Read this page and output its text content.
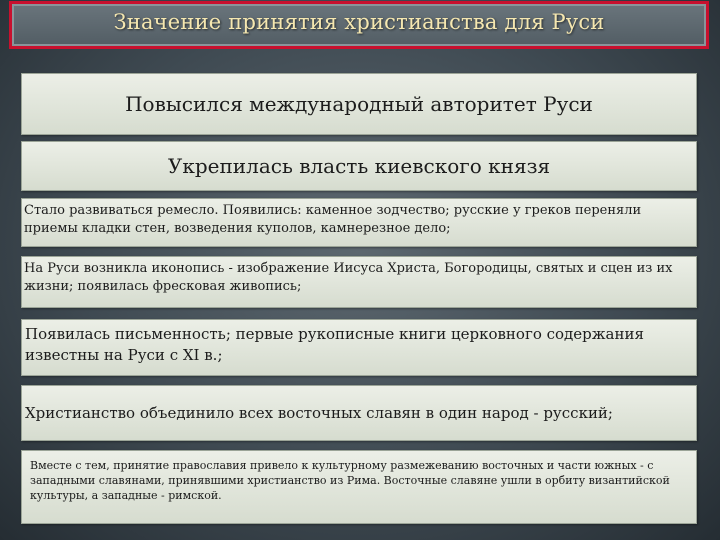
Значение принятия христианства для Руси
Повысился международный авторитет Руси
Укрепилась власть киевского князя
Стало развиваться ремесло. Появились: каменное зодчество; русские у греков переняли приемы кладки стен, возведения куполов, камнерезное дело;
На Руси возникла иконопись - изображение Иисуса Христа, Богородицы, святых и сцен из их жизни; появилась фресковая живопись;
Появилась письменность; первые рукописные книги церковного содержания известны на Руси с XI в.;
Христианство объединило всех восточных славян в один народ - русский;
Вместе с тем, принятие православия привело к культурному размежеванию восточных и части южных - с западными славянами, принявшими христианство из Рима. Восточные славяне ушли в орбиту византийской культуры, а западные - римской.
